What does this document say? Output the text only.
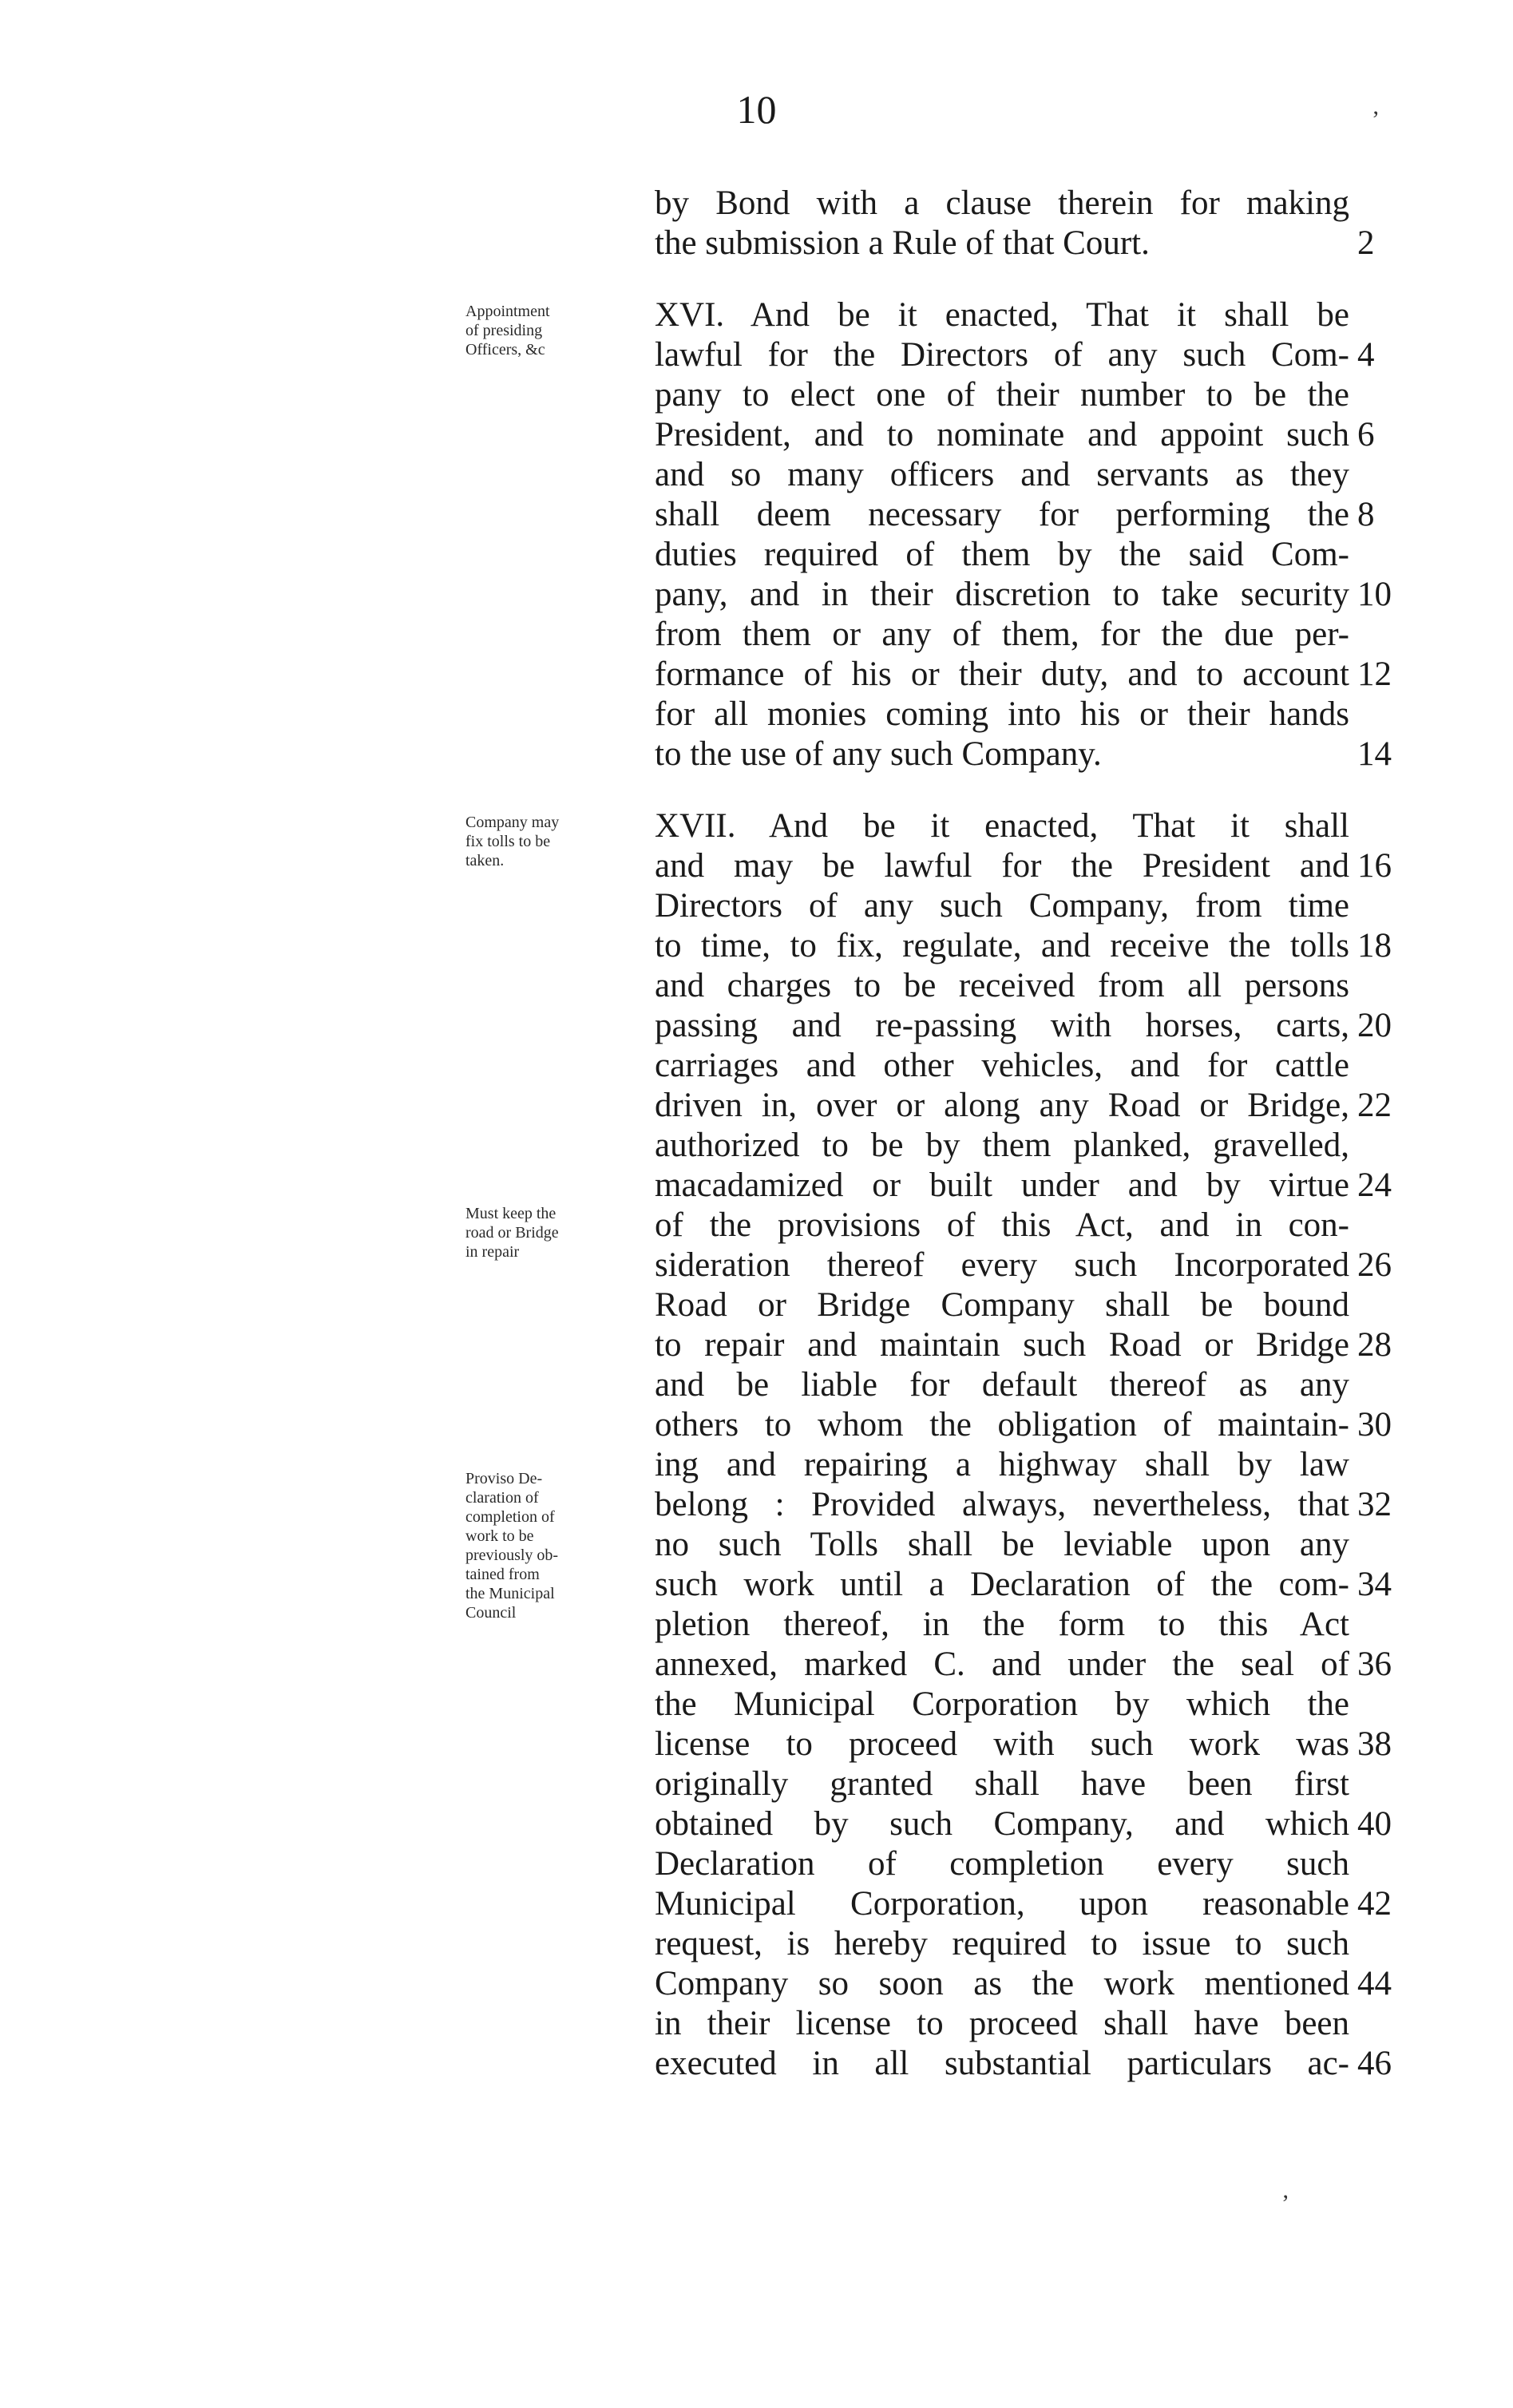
10
Appointment
of presiding
Officers, &c
Company may
fix tolls to be
taken.
Must keep the
road or Bridge
in repair
Proviso De-
claration of
completion of
work to be
previously ob-
tained from
the Municipal
Council
by Bond with a clause therein for making
the submission a Rule of that Court.	2
XVI. And be it enacted, That it shall be
lawful for the Directors of any such Com- 4
pany to elect one of their number to be the
President, and to nominate and appoint such 6
and so many officers and servants as they
shall deem necessary for performing the 8
duties required of them by the said Com-
pany, and in their discretion to take security 10
from them or any of them, for the due per-
formance of his or their duty, and to account 12
for all monies coming into his or their hands
to the use of any such Company.	14
XVII. And be it enacted, That it shall
and may be lawful for the President and 16
Directors of any such Company, from time
to time, to fix, regulate, and receive the tolls 18
and charges to be received from all persons
passing and re-passing with horses, carts, 20
carriages and other vehicles, and for cattle
driven in, over or along any Road or Bridge, 22
authorized to be by them planked, gravelled,
macadamized or built under and by virtue 24
of the provisions of this Act, and in con-
sideration thereof every such Incorporated 26
Road or Bridge Company shall be bound
to repair and maintain such Road or Bridge 28
and be liable for default thereof as any
others to whom the obligation of maintain- 30
ing and repairing a highway shall by law
belong : Provided always, nevertheless, that 32
no such Tolls shall be leviable upon any
such work until a Declaration of the com- 34
pletion thereof, in the form to this Act
annexed, marked C. and under the seal of 36
the Municipal Corporation by which the
license to proceed with such work was 38
originally granted shall have been first
obtained by such Company, and which 40
Declaration of completion every such
Municipal Corporation, upon reasonable 42
request, is hereby required to issue to such
Company so soon as the work mentioned 44
in their license to proceed shall have been
executed in all substantial particulars ac- 46
’
’
